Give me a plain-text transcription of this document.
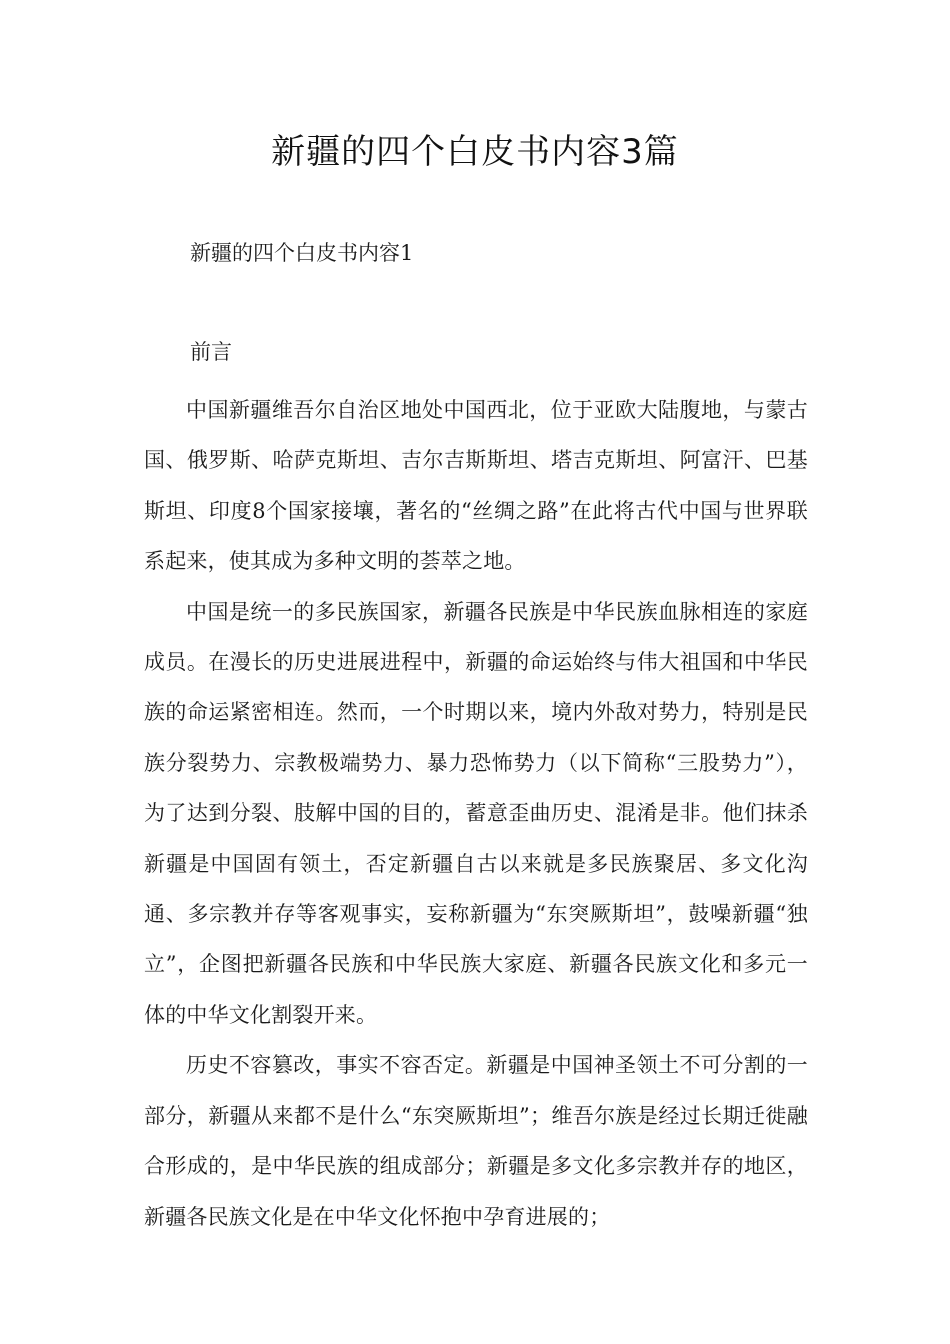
新疆的四个白皮书内容3篇

新疆的四个白皮书内容1

前言

中国新疆维吾尔自治区地处中国西北，位于亚欧大陆腹地，与蒙古国、俄罗斯、哈萨克斯坦、吉尔吉斯斯坦、塔吉克斯坦、阿富汗、巴基斯坦、印度8个国家接壤，著名的“丝绸之路”在此将古代中国与世界联系起来，使其成为多种文明的荟萃之地。

中国是统一的多民族国家，新疆各民族是中华民族血脉相连的家庭成员。在漫长的历史进展进程中，新疆的命运始终与伟大祖国和中华民族的命运紧密相连。然而，一个时期以来，境内外敌对势力，特别是民族分裂势力、宗教极端势力、暴力恐怖势力（以下简称“三股势力”），为了达到分裂、肢解中国的目的，蓄意歪曲历史、混淆是非。他们抹杀新疆是中国固有领土，否定新疆自古以来就是多民族聚居、多文化沟通、多宗教并存等客观事实，妄称新疆为“东突厥斯坦”，鼓噪新疆“独立”，企图把新疆各民族和中华民族大家庭、新疆各民族文化和多元一体的中华文化割裂开来。

历史不容篡改，事实不容否定。新疆是中国神圣领土不可分割的一部分，新疆从来都不是什么“东突厥斯坦”；维吾尔族是经过长期迁徙融合形成的，是中华民族的组成部分；新疆是多文化多宗教并存的地区，新疆各民族文化是在中华文化怀抱中孕育进展的；
